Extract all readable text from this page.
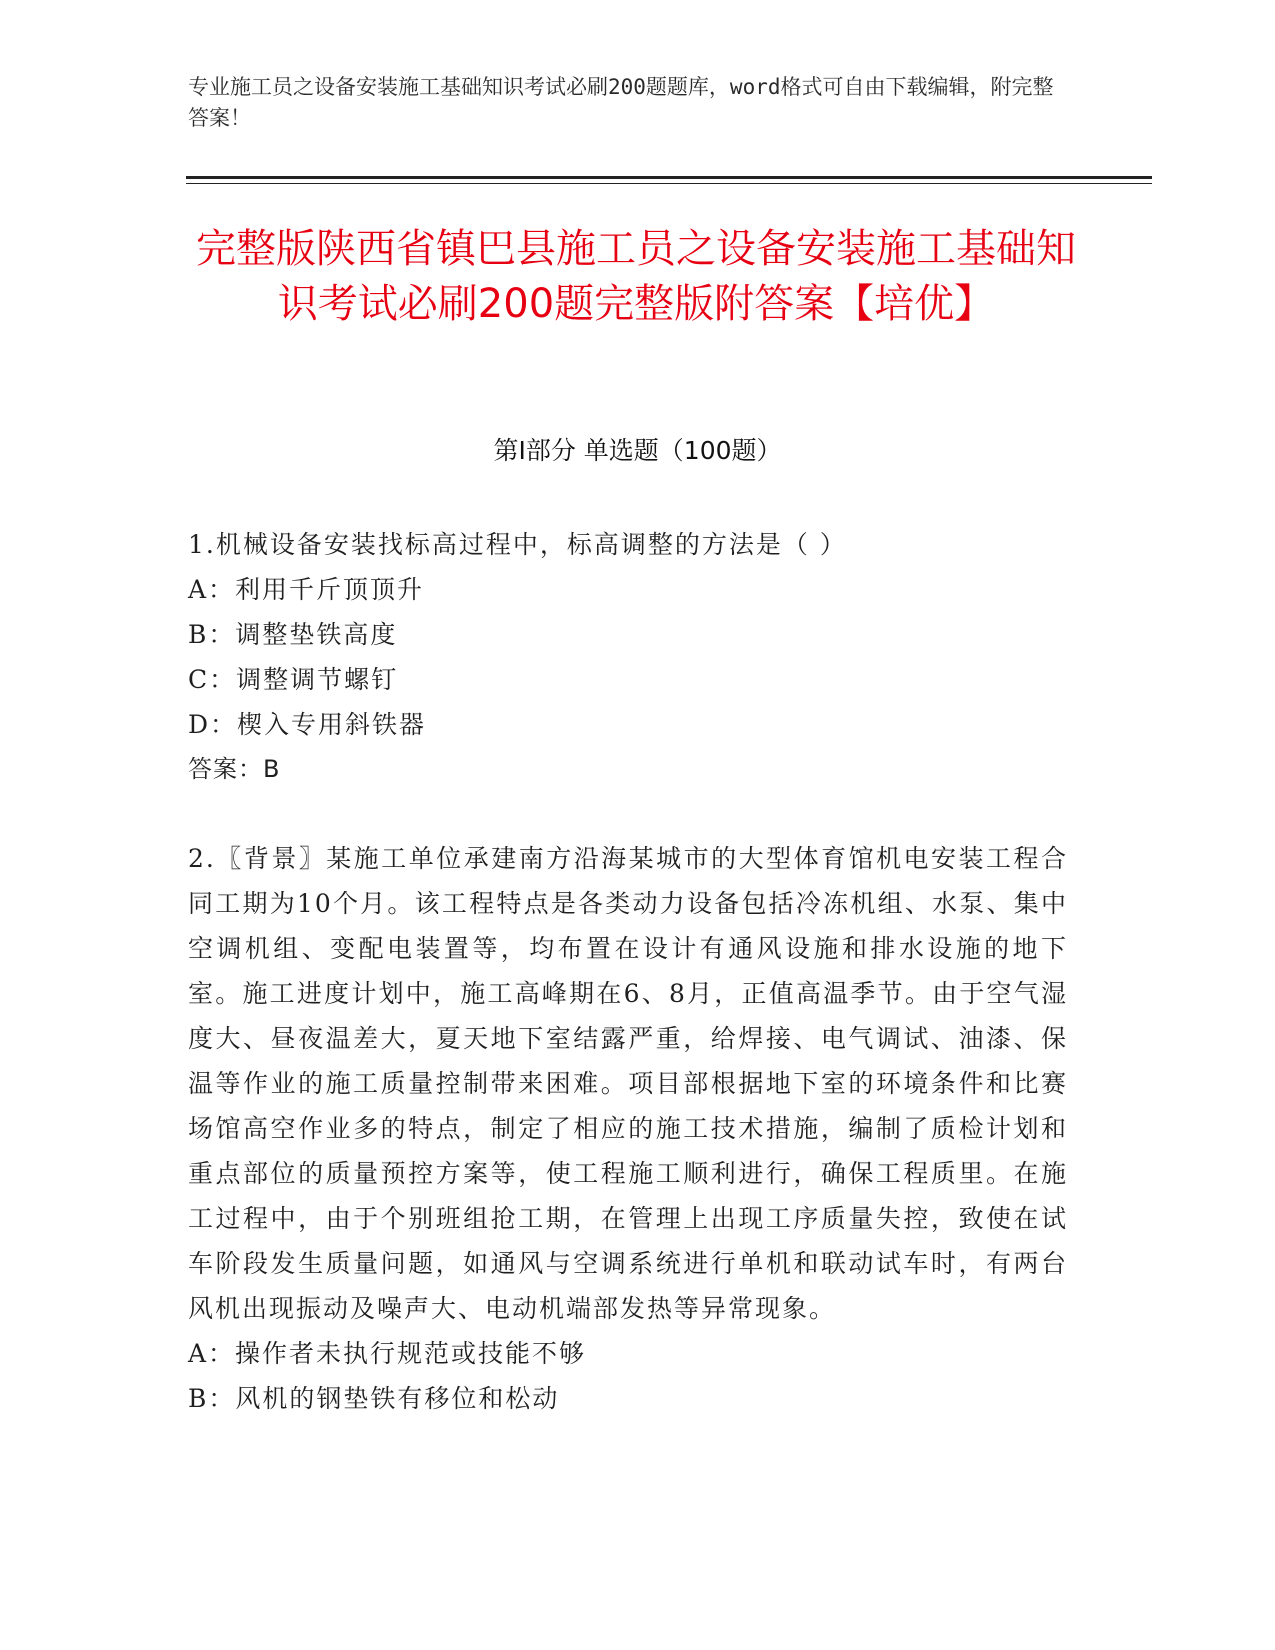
专业施工员之设备安装施工基础知识考试必刷200题题库，word格式可自由下载编辑，附完整答案！
完整版陕西省镇巴县施工员之设备安装施工基础知识考试必刷200题完整版附答案【培优】
第Ⅰ部分 单选题（100题）
1.机械设备安装找标高过程中，标高调整的方法是（ ）
A：利用千斤顶顶升
B：调整垫铁高度
C：调整调节螺钉
D：楔入专用斜铁器
答案：B
2.〖背景〗某施工单位承建南方沿海某城市的大型体育馆机电安装工程合同工期为10个月。该工程特点是各类动力设备包括冷冻机组、水泵、集中空调机组、变配电装置等，均布置在设计有通风设施和排水设施的地下室。施工进度计划中，施工高峰期在6、8月，正值高温季节。由于空气湿度大、昼夜温差大，夏天地下室结露严重，给焊接、电气调试、油漆、保温等作业的施工质量控制带来困难。项目部根据地下室的环境条件和比赛场馆高空作业多的特点，制定了相应的施工技术措施，编制了质检计划和重点部位的质量预控方案等，使工程施工顺利进行，确保工程质里。在施工过程中，由于个别班组抢工期，在管理上出现工序质量失控，致使在试车阶段发生质量问题，如通风与空调系统进行单机和联动试车时，有两台风机出现振动及噪声大、电动机端部发热等异常现象。
A：操作者未执行规范或技能不够
B：风机的钢垫铁有移位和松动
